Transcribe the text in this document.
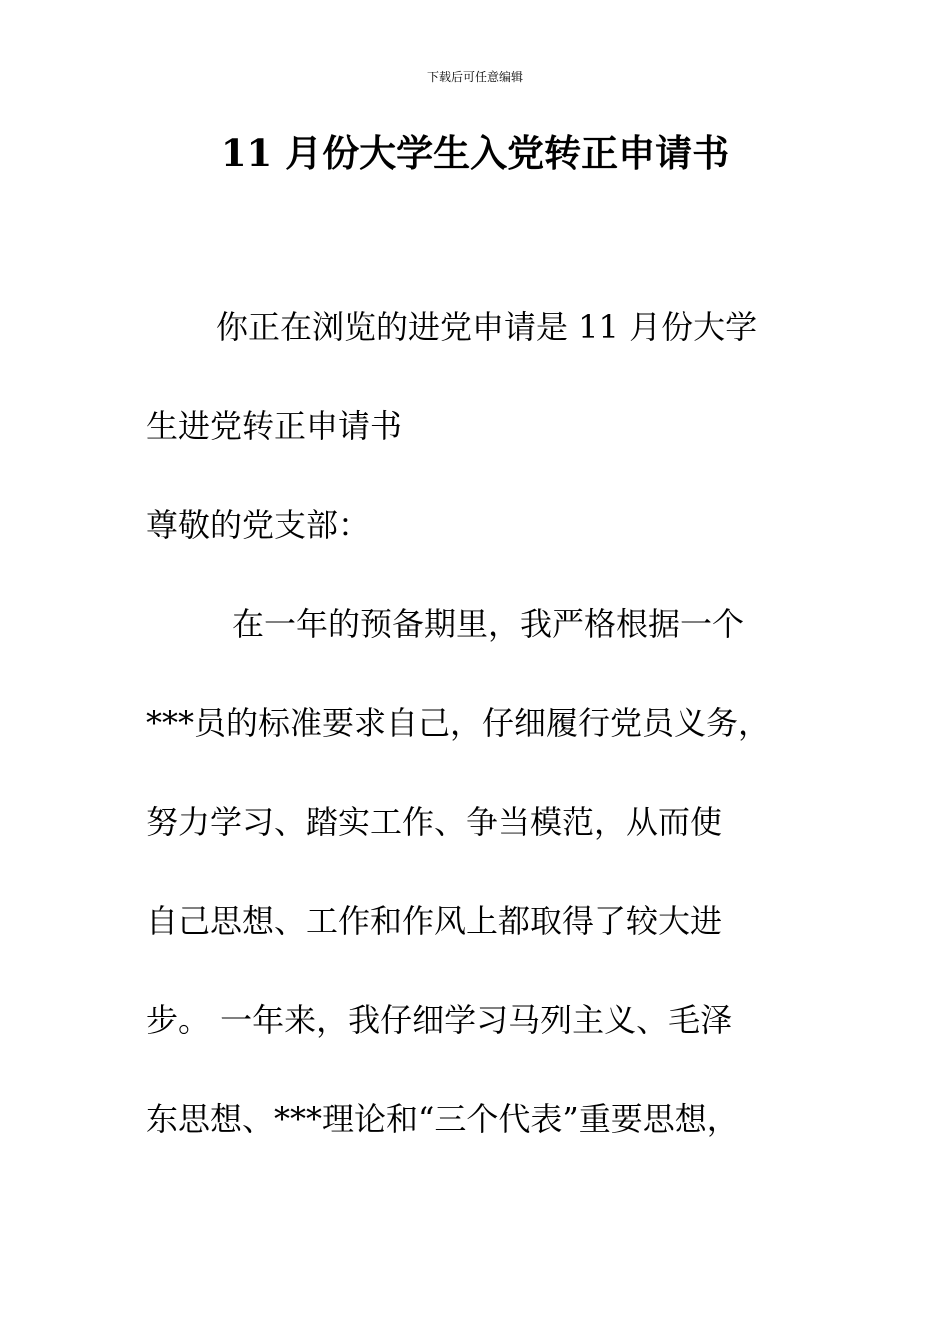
下载后可任意编辑
11 月份大学生入党转正申请书
你正在浏览的进党申请是 11 月份大学
生进党转正申请书
尊敬的党支部：
在一年的预备期里，我严格根据一个
***员的标准要求自己，仔细履行党员义务，
努力学习、踏实工作、争当模范，从而使
自己思想、工作和作风上都取得了较大进
步。 一年来，我仔细学习马列主义、毛泽
东思想、***理论和“三个代表”重要思想，
